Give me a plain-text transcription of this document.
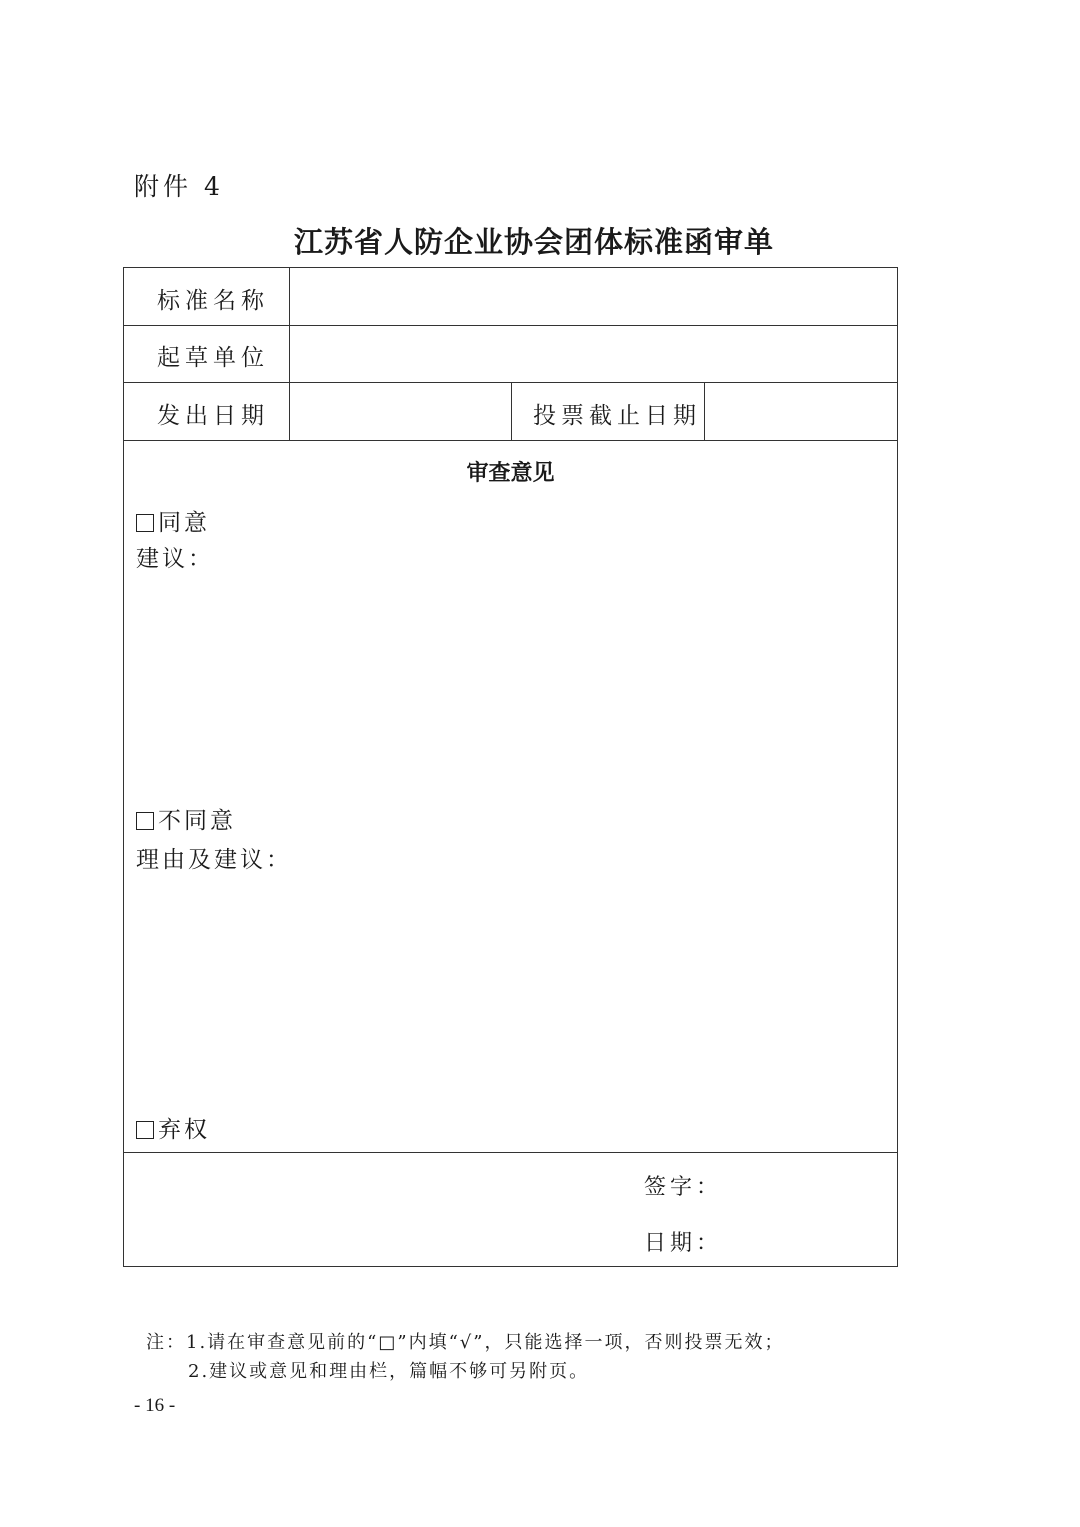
附件 4
江苏省人防企业协会团体标准函审单
标准名称
起草单位
发出日期	投票截止日期
审查意见
同意
建议：
不同意
理由及建议：
弃权
签字：
日期：
注：1.请在审查意见前的“□”内填“√”，只能选择一项，否则投票无效；
2.建议或意见和理由栏，篇幅不够可另附页。
- 16 -
